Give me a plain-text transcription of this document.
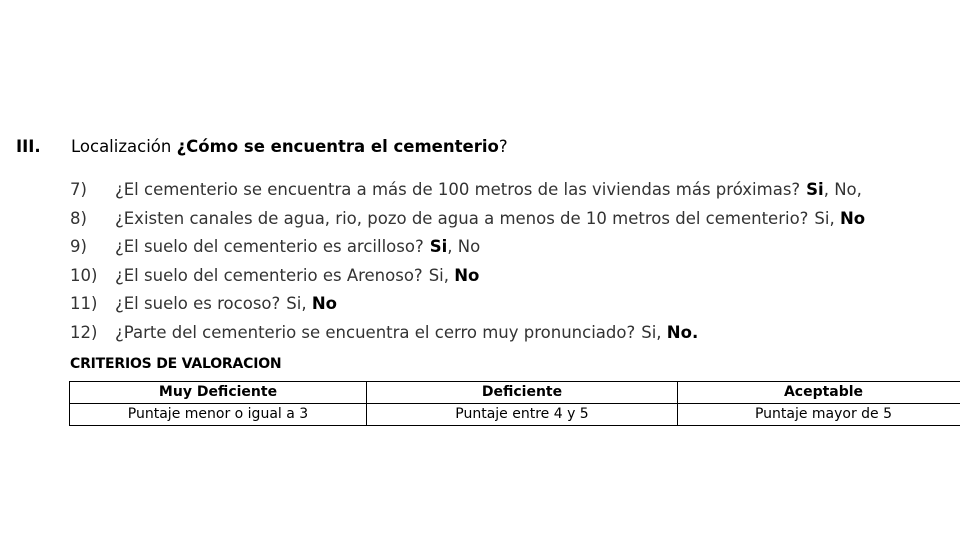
III. Localización ¿Cómo se encuentra el cementerio?
7) ¿El cementerio se encuentra a más de 100 metros de las viviendas más próximas? Si, No,
8) ¿Existen canales de agua, rio, pozo de agua a menos de 10 metros del cementerio? Si, No
9) ¿El suelo del cementerio es arcilloso? Si, No
10) ¿El suelo del cementerio es Arenoso? Si, No
11) ¿El suelo es rocoso? Si, No
12) ¿Parte del cementerio se encuentra el cerro muy pronunciado? Si, No.
CRITERIOS DE VALORACION
Muy Deficiente	Deficiente	Aceptable
Puntaje menor o igual a 3	Puntaje entre 4 y 5	Puntaje mayor de 5
